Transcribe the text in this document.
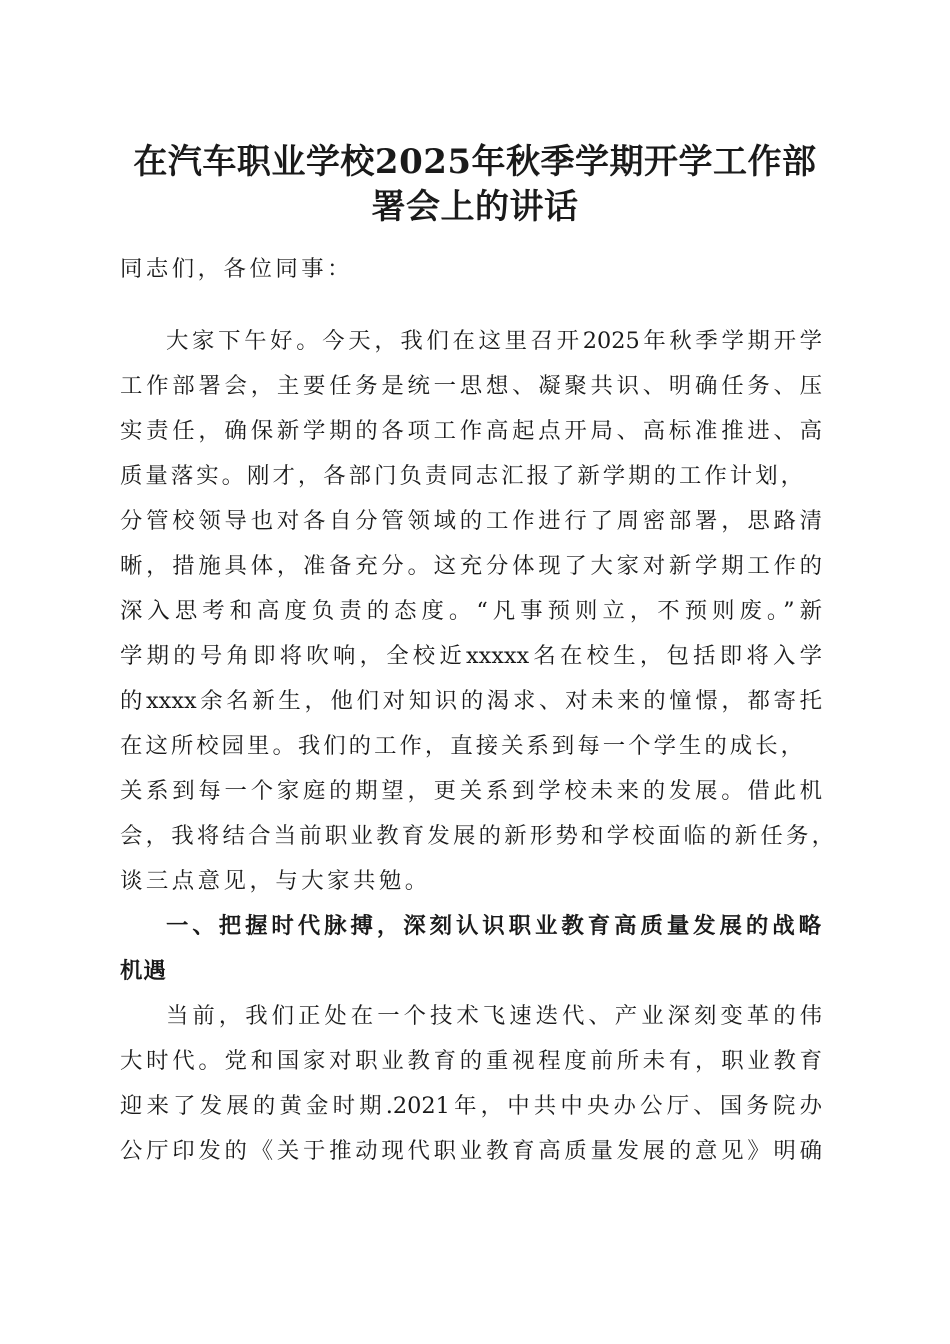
在汽车职业学校2025年秋季学期开学工作部
署会上的讲话

同志们，各位同事：

大家下午好。今天，我们在这里召开2025年秋季学期开学

工作部署会，主要任务是统一思想、凝聚共识、明确任务、压

实责任，确保新学期的各项工作高起点开局、高标准推进、高

质量落实。刚才，各部门负责同志汇报了新学期的工作计划，

分管校领导也对各自分管领域的工作进行了周密部署，思路清

晰，措施具体，准备充分。这充分体现了大家对新学期工作的

深入思考和高度负责的态度。“凡事预则立，不预则废。”新

学期的号角即将吹响，全校近xxxxx名在校生，包括即将入学

的xxxx余名新生，他们对知识的渴求、对未来的憧憬，都寄托

在这所校园里。我们的工作，直接关系到每一个学生的成长，

关系到每一个家庭的期望，更关系到学校未来的发展。借此机

会，我将结合当前职业教育发展的新形势和学校面临的新任务，

谈三点意见，与大家共勉。

一、把握时代脉搏，深刻认识职业教育高质量发展的战略

机遇

当前，我们正处在一个技术飞速迭代、产业深刻变革的伟

大时代。党和国家对职业教育的重视程度前所未有，职业教育

迎来了发展的黄金时期.2021年，中共中央办公厅、国务院办

公厅印发的《关于推动现代职业教育高质量发展的意见》明确
